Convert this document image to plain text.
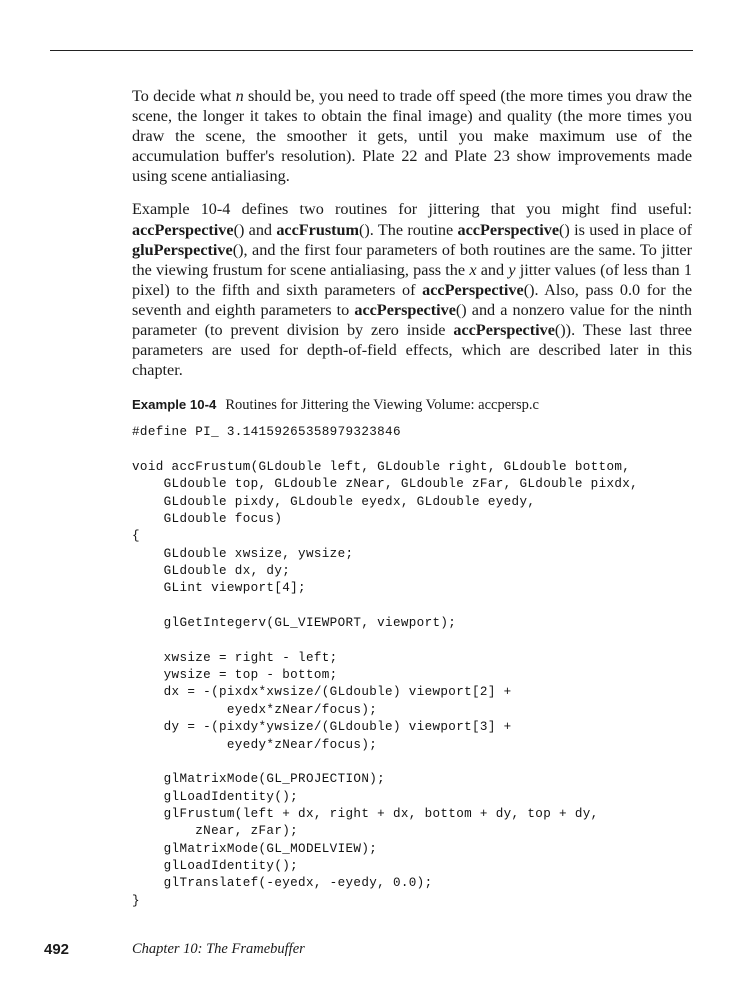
To decide what n should be, you need to trade off speed (the more times you draw the scene, the longer it takes to obtain the final image) and quality (the more times you draw the scene, the smoother it gets, until you make maximum use of the accumulation buffer's resolution). Plate 22 and Plate 23 show improvements made using scene antialiasing.

Example 10-4 defines two routines for jittering that you might find useful: accPerspective() and accFrustum(). The routine accPerspective() is used in place of gluPerspective(), and the first four parameters of both routines are the same. To jitter the viewing frustum for scene antialiasing, pass the x and y jitter values (of less than 1 pixel) to the fifth and sixth parameters of accPerspective(). Also, pass 0.0 for the seventh and eighth parameters to accPerspective() and a nonzero value for the ninth parameter (to prevent division by zero inside accPerspective()). These last three parameters are used for depth-of-field effects, which are described later in this chapter.

Example 10-4 Routines for Jittering the Viewing Volume: accpersp.c
#define PI_ 3.14159265358979323846

void accFrustum(GLdouble left, GLdouble right, GLdouble bottom,
GLdouble top, GLdouble zNear, GLdouble zFar, GLdouble pixdx,
GLdouble pixdy, GLdouble eyedx, GLdouble eyedy,
GLdouble focus)
{
GLdouble xwsize, ywsize;
GLdouble dx, dy;
GLint viewport[4];

glGetIntegerv(GL_VIEWPORT, viewport);

xwsize = right - left;
ywsize = top - bottom;
dx = -(pixdx*xwsize/(GLdouble) viewport[2] +
eyedx*zNear/focus);
dy = -(pixdy*ywsize/(GLdouble) viewport[3] +
eyedy*zNear/focus);

glMatrixMode(GL_PROJECTION);
glLoadIdentity();
glFrustum(left + dx, right + dx, bottom + dy, top + dy,
zNear, zFar);
glMatrixMode(GL_MODELVIEW);
glLoadIdentity();
glTranslatef(-eyedx, -eyedy, 0.0);
}
492	Chapter 10: The Framebuffer
